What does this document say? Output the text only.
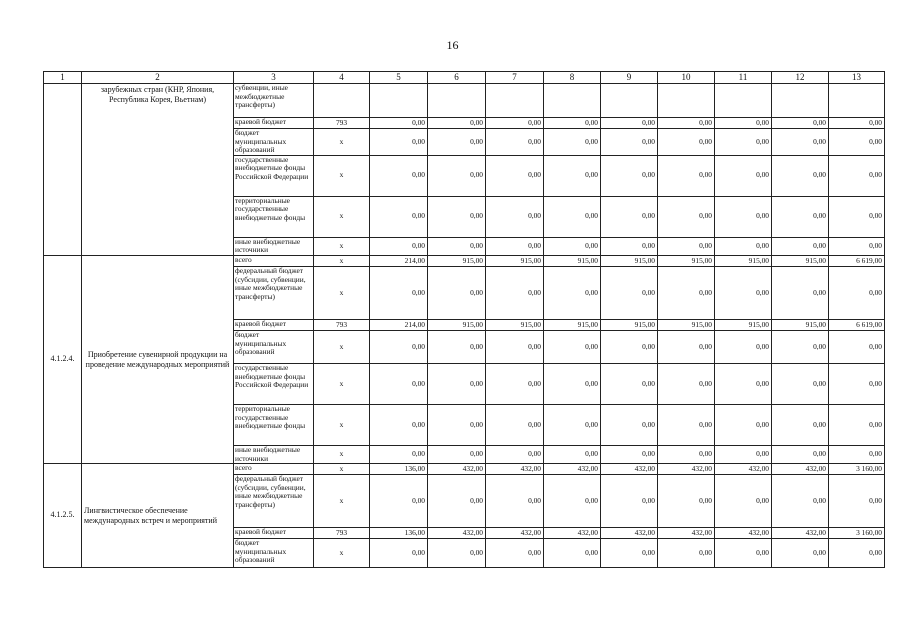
16
1	2	3	4	5	6	7	8	9	10	11	12	13
	зарубежных стран (КНР, Япония, Республика Корея, Вьетнам)	субвенции, иные межбюджетные трансферты)										
		краевой бюджет	793	0,00	0,00	0,00	0,00	0,00	0,00	0,00	0,00	0,00
		бюджет муниципальных образований	x	0,00	0,00	0,00	0,00	0,00	0,00	0,00	0,00	0,00
		государственные внебюджетные фонды Российской Федерации	x	0,00	0,00	0,00	0,00	0,00	0,00	0,00	0,00	0,00
		территориальные государственные внебюджетные фонды	x	0,00	0,00	0,00	0,00	0,00	0,00	0,00	0,00	0,00
		иные внебюджетные источники	x	0,00	0,00	0,00	0,00	0,00	0,00	0,00	0,00	0,00
4.1.2.4.	Приобретение сувенирной продукции на проведение международных мероприятий	всего	x	214,00	915,00	915,00	915,00	915,00	915,00	915,00	915,00	6 619,00
		федеральный бюджет (субсидии, субвенции, иные межбюджетные трансферты)	x	0,00	0,00	0,00	0,00	0,00	0,00	0,00	0,00	0,00
		краевой бюджет	793	214,00	915,00	915,00	915,00	915,00	915,00	915,00	915,00	6 619,00
		бюджет муниципальных образований	x	0,00	0,00	0,00	0,00	0,00	0,00	0,00	0,00	0,00
		государственные внебюджетные фонды Российской Федерации	x	0,00	0,00	0,00	0,00	0,00	0,00	0,00	0,00	0,00
		территориальные государственные внебюджетные фонды	x	0,00	0,00	0,00	0,00	0,00	0,00	0,00	0,00	0,00
		иные внебюджетные источники	x	0,00	0,00	0,00	0,00	0,00	0,00	0,00	0,00	0,00
4.1.2.5.	Лингвистическое обеспечение международных встреч и мероприятий	всего	x	136,00	432,00	432,00	432,00	432,00	432,00	432,00	432,00	3 160,00
		федеральный бюджет (субсидии, субвенции, иные межбюджетные трансферты)	x	0,00	0,00	0,00	0,00	0,00	0,00	0,00	0,00	0,00
		краевой бюджет	793	136,00	432,00	432,00	432,00	432,00	432,00	432,00	432,00	3 160,00
		бюджет муниципальных образований	x	0,00	0,00	0,00	0,00	0,00	0,00	0,00	0,00	0,00
